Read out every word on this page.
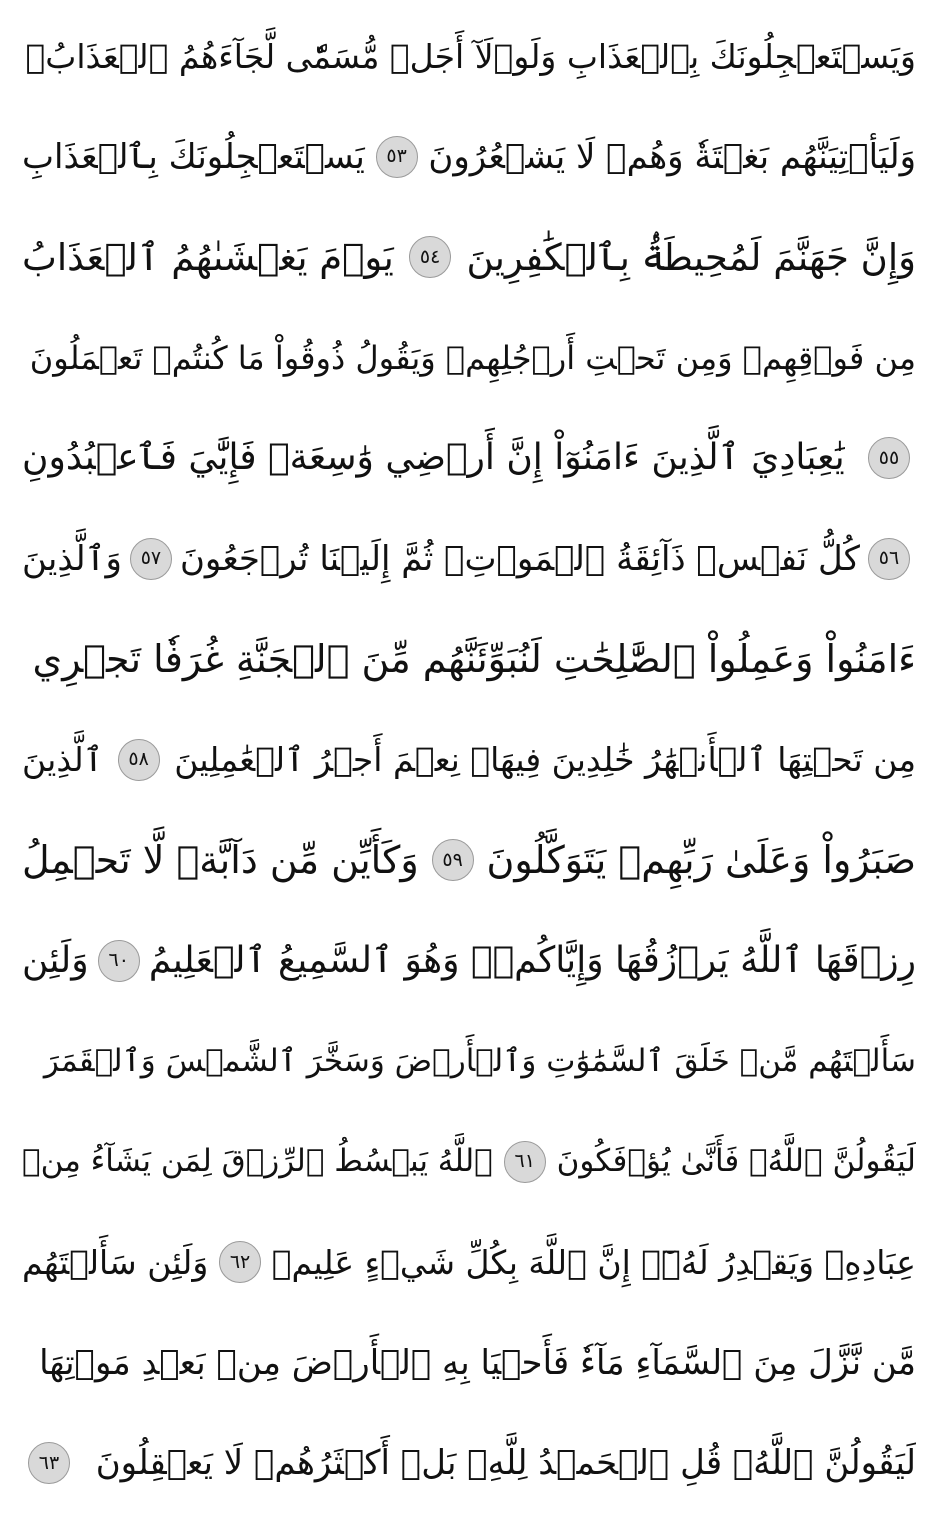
وَيَسۡتَعۡجِلُونَكَ بِٱلۡعَذَابِ وَلَوۡلَآ أَجَلٞ مُّسَمّٗى لَّجَآءَهُمُ ٱلۡعَذَابُۚ
وَلَيَأۡتِيَنَّهُم بَغۡتَةٗ وَهُمۡ لَا يَشۡعُرُونَ
٥٣
يَسۡتَعۡجِلُونَكَ بِٱلۡعَذَابِ
وَإِنَّ جَهَنَّمَ لَمُحِيطَةُۢ بِٱلۡكَٰفِرِينَ
٥٤
يَوۡمَ يَغۡشَىٰهُمُ ٱلۡعَذَابُ
مِن فَوۡقِهِمۡ وَمِن تَحۡتِ أَرۡجُلِهِمۡ وَيَقُولُ ذُوقُواْ مَا كُنتُمۡ تَعۡمَلُونَ
٥٥
يَٰعِبَادِيَ ٱلَّذِينَ ءَامَنُوٓاْ إِنَّ أَرۡضِي وَٰسِعَةٞ فَإِيَّٰيَ فَٱعۡبُدُونِ
٥٦
كُلُّ نَفۡسٖ ذَآئِقَةُ ٱلۡمَوۡتِۖ ثُمَّ إِلَيۡنَا تُرۡجَعُونَ
٥٧
وَٱلَّذِينَ
ءَامَنُواْ وَعَمِلُواْ ٱلصَّٰلِحَٰتِ لَنُبَوِّئَنَّهُم مِّنَ ٱلۡجَنَّةِ غُرَفٗا تَجۡرِي
مِن تَحۡتِهَا ٱلۡأَنۡهَٰرُ خَٰلِدِينَ فِيهَاۚ نِعۡمَ أَجۡرُ ٱلۡعَٰمِلِينَ
٥٨
ٱلَّذِينَ
صَبَرُواْ وَعَلَىٰ رَبِّهِمۡ يَتَوَكَّلُونَ
٥٩
وَكَأَيِّن مِّن دَآبَّةٖ لَّا تَحۡمِلُ
رِزۡقَهَا ٱللَّهُ يَرۡزُقُهَا وَإِيَّاكُمۡۚ وَهُوَ ٱلسَّمِيعُ ٱلۡعَلِيمُ
٦٠
وَلَئِن
سَأَلۡتَهُم مَّنۡ خَلَقَ ٱلسَّمَٰوَٰتِ وَٱلۡأَرۡضَ وَسَخَّرَ ٱلشَّمۡسَ وَٱلۡقَمَرَ
لَيَقُولُنَّ ٱللَّهُۖ فَأَنَّىٰ يُؤۡفَكُونَ
٦١
ٱللَّهُ يَبۡسُطُ ٱلرِّزۡقَ لِمَن يَشَآءُ مِنۡ
عِبَادِهِۦ وَيَقۡدِرُ لَهُۥٓۚ إِنَّ ٱللَّهَ بِكُلِّ شَيۡءٍ عَلِيمٞ
٦٢
وَلَئِن سَأَلۡتَهُم
مَّن نَّزَّلَ مِنَ ٱلسَّمَآءِ مَآءٗ فَأَحۡيَا بِهِ ٱلۡأَرۡضَ مِنۢ بَعۡدِ مَوۡتِهَا
لَيَقُولُنَّ ٱللَّهُۚ قُلِ ٱلۡحَمۡدُ لِلَّهِۚ بَلۡ أَكۡثَرُهُمۡ لَا يَعۡقِلُونَ
٦٣
